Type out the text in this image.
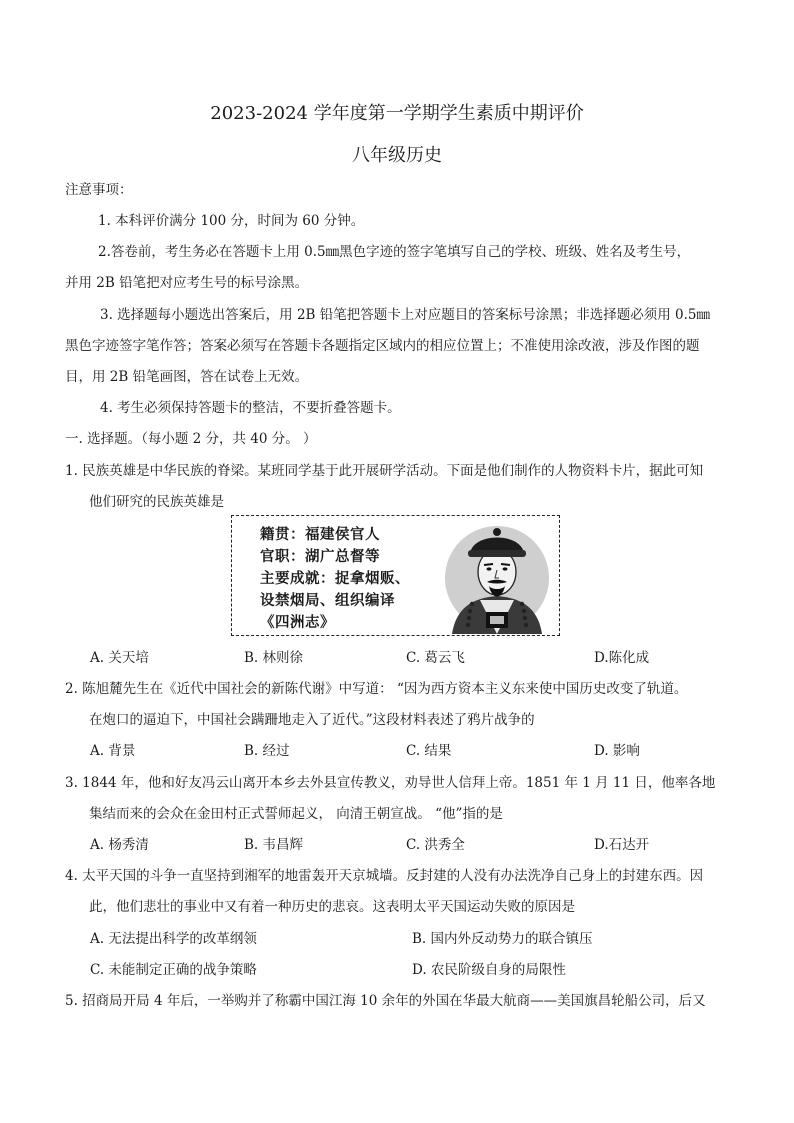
2023-2024 学年度第一学期学生素质中期评价
八年级历史
注意事项：
1. 本科评价满分 100 分，时间为 60 分钟。
2.答卷前，考生务必在答题卡上用 0.5㎜黑色字迹的签字笔填写自己的学校、班级、姓名及考生号，
并用 2B 铅笔把对应考生号的标号涂黑。
3. 选择题每小题选出答案后，用 2B 铅笔把答题卡上对应题目的答案标号涂黑；非选择题必须用 0.5㎜
黑色字迹签字笔作答；答案必须写在答题卡各题指定区域内的相应位置上；不准使用涂改液，涉及作图的题
目，用 2B 铅笔画图，答在试卷上无效。
4. 考生必须保持答题卡的整洁，不要折叠答题卡。
一. 选择题。（每小题 2 分，共 40 分。 ）
1. 民族英雄是中华民族的脊梁。某班同学基于此开展研学活动。下面是他们制作的人物资料卡片，据此可知
他们研究的民族英雄是
籍贯：福建侯官人
官职：湖广总督等
主要成就：捉拿烟贩、
设禁烟局、组织编译
《四洲志》
A. 关天培	B. 林则徐	C. 葛云飞	D.陈化成
2. 陈旭麓先生在《近代中国社会的新陈代谢》中写道： “因为西方资本主义东来使中国历史改变了轨道。
在炮口的逼迫下，中国社会蹒跚地走入了近代。”这段材料表述了鸦片战争的
A. 背景	B. 经过	C. 结果	D. 影响
3. 1844 年，他和好友冯云山离开本乡去外县宣传教义，劝导世人信拜上帝。1851 年 1 月 11 日，他率各地
集结而来的会众在金田村正式誓师起义， 向清王朝宣战。 “他”指的是
A. 杨秀清	B. 韦昌辉	C. 洪秀全	D.石达开
4. 太平天国的斗争一直坚持到湘军的地雷轰开天京城墙。反封建的人没有办法洗净自己身上的封建东西。因
此，他们悲壮的事业中又有着一种历史的悲哀。这表明太平天国运动失败的原因是
A. 无法提出科学的改革纲领	B. 国内外反动势力的联合镇压
C. 未能制定正确的战争策略	D. 农民阶级自身的局限性
5. 招商局开局 4 年后，一举购并了称霸中国江海 10 余年的外国在华最大航商——美国旗昌轮船公司，后又
